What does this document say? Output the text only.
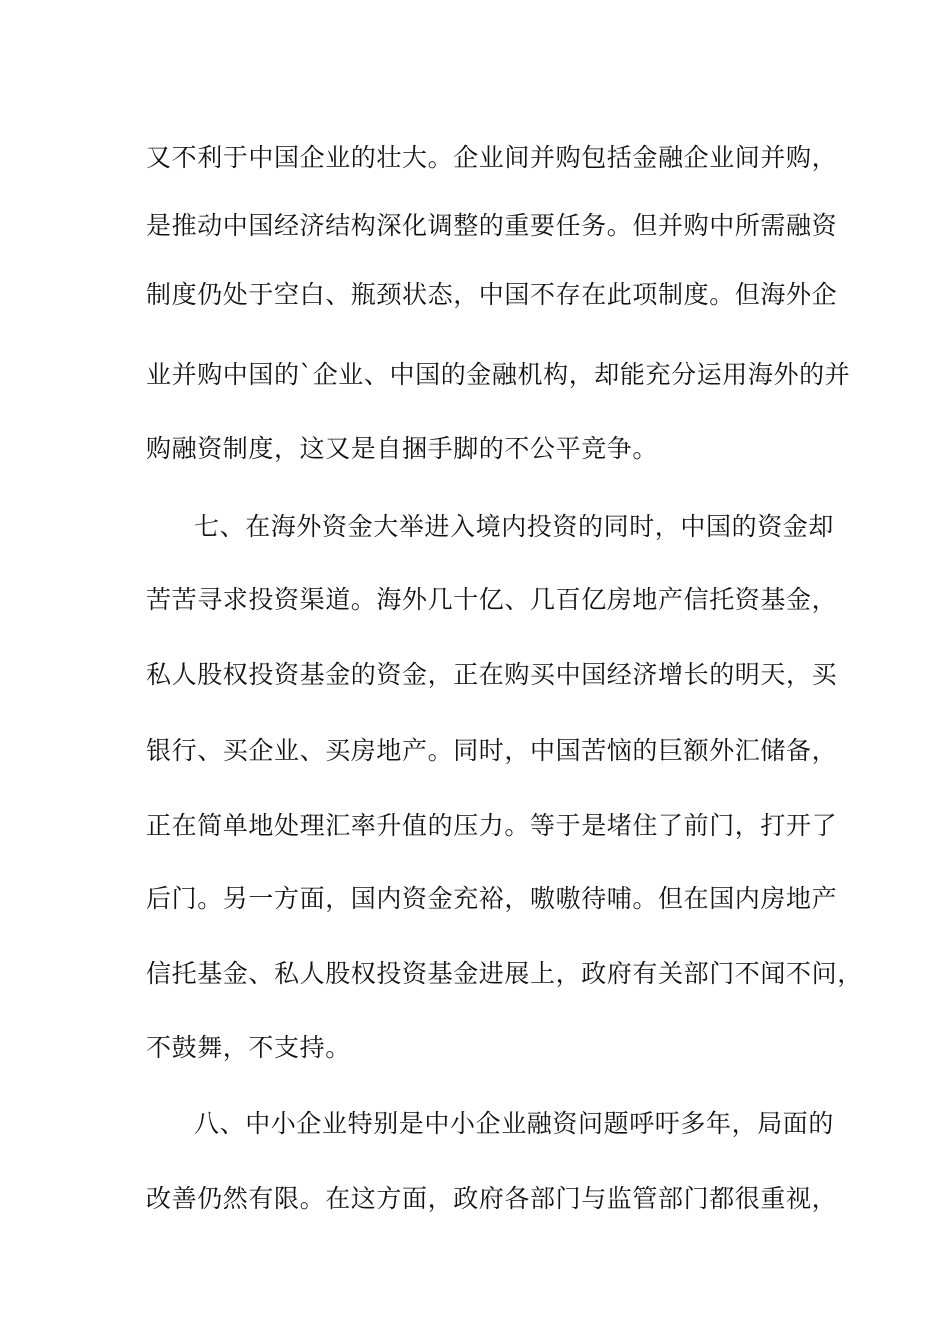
又不利于中国企业的壮大。企业间并购包括金融企业间并购，
是推动中国经济结构深化调整的重要任务。但并购中所需融资
制度仍处于空白、瓶颈状态，中国不存在此项制度。但海外企
业并购中国的`企业、中国的金融机构，却能充分运用海外的并
购融资制度，这又是自捆手脚的不公平竞争。
七、在海外资金大举进入境内投资的同时，中国的资金却
苦苦寻求投资渠道。海外几十亿、几百亿房地产信托资基金，
私人股权投资基金的资金，正在购买中国经济增长的明天，买
银行、买企业、买房地产。同时，中国苦恼的巨额外汇储备，
正在简单地处理汇率升值的压力。等于是堵住了前门，打开了
后门。另一方面，国内资金充裕，嗷嗷待哺。但在国内房地产
信托基金、私人股权投资基金进展上，政府有关部门不闻不问，
不鼓舞，不支持。
八、中小企业特别是中小企业融资问题呼吁多年，局面的
改善仍然有限。在这方面，政府各部门与监管部门都很重视，
